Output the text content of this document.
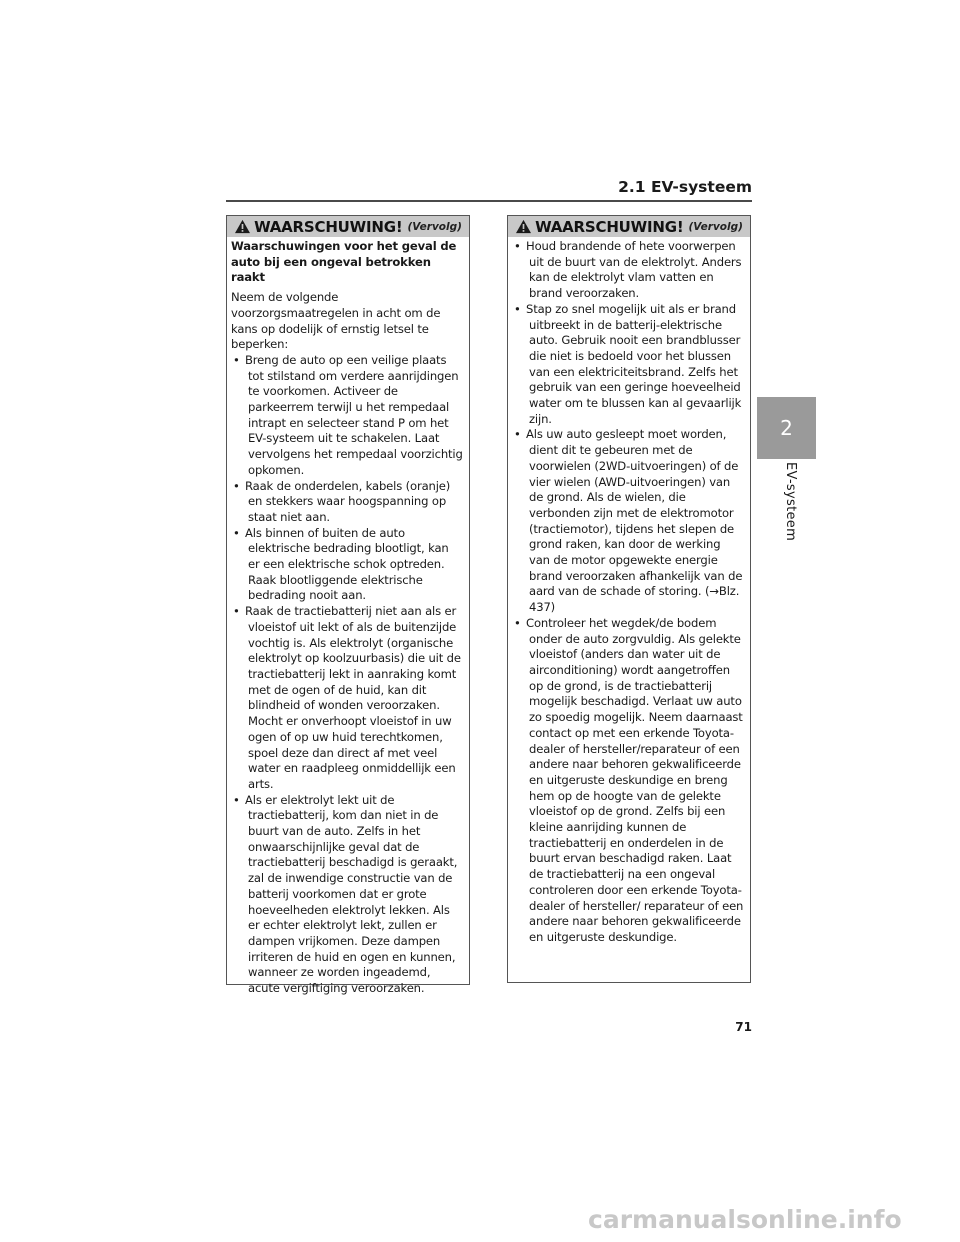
2.1 EV-systeem
2
EV-systeem
WAARSCHUWING! (Vervolg)
Waarschuwingen voor het geval de auto bij een ongeval betrokken raakt
Neem de volgende voorzorgsmaatregelen in acht om de kans op dodelijk of ernstig letsel te beperken:
• Breng de auto op een veilige plaats tot stilstand om verdere aanrijdingen te voorkomen. Activeer de parkeerrem terwijl u het rempedaal intrapt en selecteer stand P om het EV-systeem uit te schakelen. Laat vervolgens het rempedaal voorzichtig opkomen.
• Raak de onderdelen, kabels (oranje) en stekkers waar hoogspanning op staat niet aan.
• Als binnen of buiten de auto elektrische bedrading blootligt, kan er een elektrische schok optreden. Raak blootliggende elektrische bedrading nooit aan.
• Raak de tractiebatterij niet aan als er vloeistof uit lekt of als de buitenzijde vochtig is. Als elektrolyt (organische elektrolyt op koolzuurbasis) die uit de tractiebatterij lekt in aanraking komt met de ogen of de huid, kan dit blindheid of wonden veroorzaken. Mocht er onverhoopt vloeistof in uw ogen of op uw huid terechtkomen, spoel deze dan direct af met veel water en raadpleeg onmiddellijk een arts.
• Als er elektrolyt lekt uit de tractiebatterij, kom dan niet in de buurt van de auto. Zelfs in het onwaarschijnlijke geval dat de tractiebatterij beschadigd is geraakt, zal de inwendige constructie van de batterij voorkomen dat er grote hoeveelheden elektrolyt lekken. Als er echter elektrolyt lekt, zullen er dampen vrijkomen. Deze dampen irriteren de huid en ogen en kunnen, wanneer ze worden ingeademd, acute vergiftiging veroorzaken.
WAARSCHUWING! (Vervolg)
• Houd brandende of hete voorwerpen uit de buurt van de elektrolyt. Anders kan de elektrolyt vlam vatten en brand veroorzaken.
• Stap zo snel mogelijk uit als er brand uitbreekt in de batterij-elektrische auto. Gebruik nooit een brandblusser die niet is bedoeld voor het blussen van een elektriciteitsbrand. Zelfs het gebruik van een geringe hoeveelheid water om te blussen kan al gevaarlijk zijn.
• Als uw auto gesleept moet worden, dient dit te gebeuren met de voorwielen (2WD-uitvoeringen) of de vier wielen (AWD-uitvoeringen) van de grond. Als de wielen, die verbonden zijn met de elektromotor (tractiemotor), tijdens het slepen de grond raken, kan door de werking van de motor opgewekte energie brand veroorzaken afhankelijk van de aard van de schade of storing. (→Blz. 437)
• Controleer het wegdek/de bodem onder de auto zorgvuldig. Als gelekte vloeistof (anders dan water uit de airconditioning) wordt aangetroffen op de grond, is de tractiebatterij mogelijk beschadigd. Verlaat uw auto zo spoedig mogelijk. Neem daarnaast contact op met een erkende Toyota-dealer of hersteller/reparateur of een andere naar behoren gekwalificeerde en uitgeruste deskundige en breng hem op de hoogte van de gelekte vloeistof op de grond. Zelfs bij een kleine aanrijding kunnen de tractiebatterij en onderdelen in de buurt ervan beschadigd raken. Laat de tractiebatterij na een ongeval controleren door een erkende Toyota-dealer of hersteller/ reparateur of een andere naar behoren gekwalificeerde en uitgeruste deskundige.
71
carmanualsonline.info
